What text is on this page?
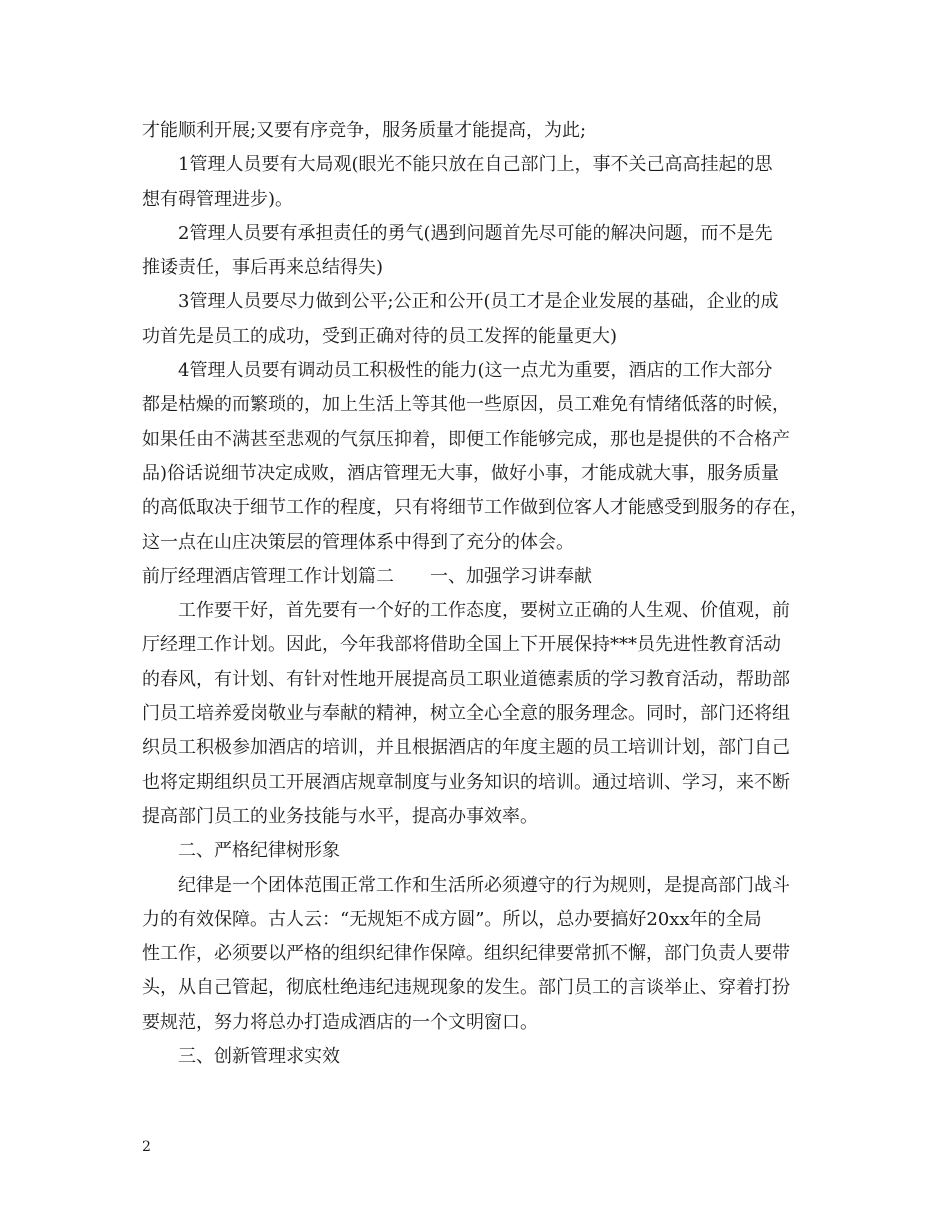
才能顺利开展;又要有序竞争，服务质量才能提高，为此;

1管理人员要有大局观(眼光不能只放在自己部门上，事不关己高高挂起的思

想有碍管理进步)。

2管理人员要有承担责任的勇气(遇到问题首先尽可能的解决问题，而不是先

推诿责任，事后再来总结得失)

3管理人员要尽力做到公平;公正和公开(员工才是企业发展的基础，企业的成

功首先是员工的成功，受到正确对待的员工发挥的能量更大)

4管理人员要有调动员工积极性的能力(这一点尤为重要，酒店的工作大部分

都是枯燥的而繁琐的，加上生活上等其他一些原因，员工难免有情绪低落的时候，

如果任由不满甚至悲观的气氛压抑着，即便工作能够完成，那也是提供的不合格产

品)俗话说细节决定成败，酒店管理无大事，做好小事，才能成就大事，服务质量

的高低取决于细节工作的程度，只有将细节工作做到位客人才能感受到服务的存在，

这一点在山庄决策层的管理体系中得到了充分的体会。

前厅经理酒店管理工作计划篇二　　一、加强学习讲奉献

工作要干好，首先要有一个好的工作态度，要树立正确的人生观、价值观，前

厅经理工作计划。因此，今年我部将借助全国上下开展保持***员先进性教育活动

的春风，有计划、有针对性地开展提高员工职业道德素质的学习教育活动，帮助部

门员工培养爱岗敬业与奉献的精神，树立全心全意的服务理念。同时，部门还将组

织员工积极参加酒店的培训，并且根据酒店的年度主题的员工培训计划，部门自己

也将定期组织员工开展酒店规章制度与业务知识的培训。通过培训、学习，来不断

提高部门员工的业务技能与水平，提高办事效率。

二、严格纪律树形象

纪律是一个团体范围正常工作和生活所必须遵守的行为规则，是提高部门战斗

力的有效保障。古人云：“无规矩不成方圆”。所以，总办要搞好20xx年的全局

性工作，必须要以严格的组织纪律作保障。组织纪律要常抓不懈，部门负责人要带

头，从自己管起，彻底杜绝违纪违规现象的发生。部门员工的言谈举止、穿着打扮

要规范，努力将总办打造成酒店的一个文明窗口。

三、创新管理求实效

2
